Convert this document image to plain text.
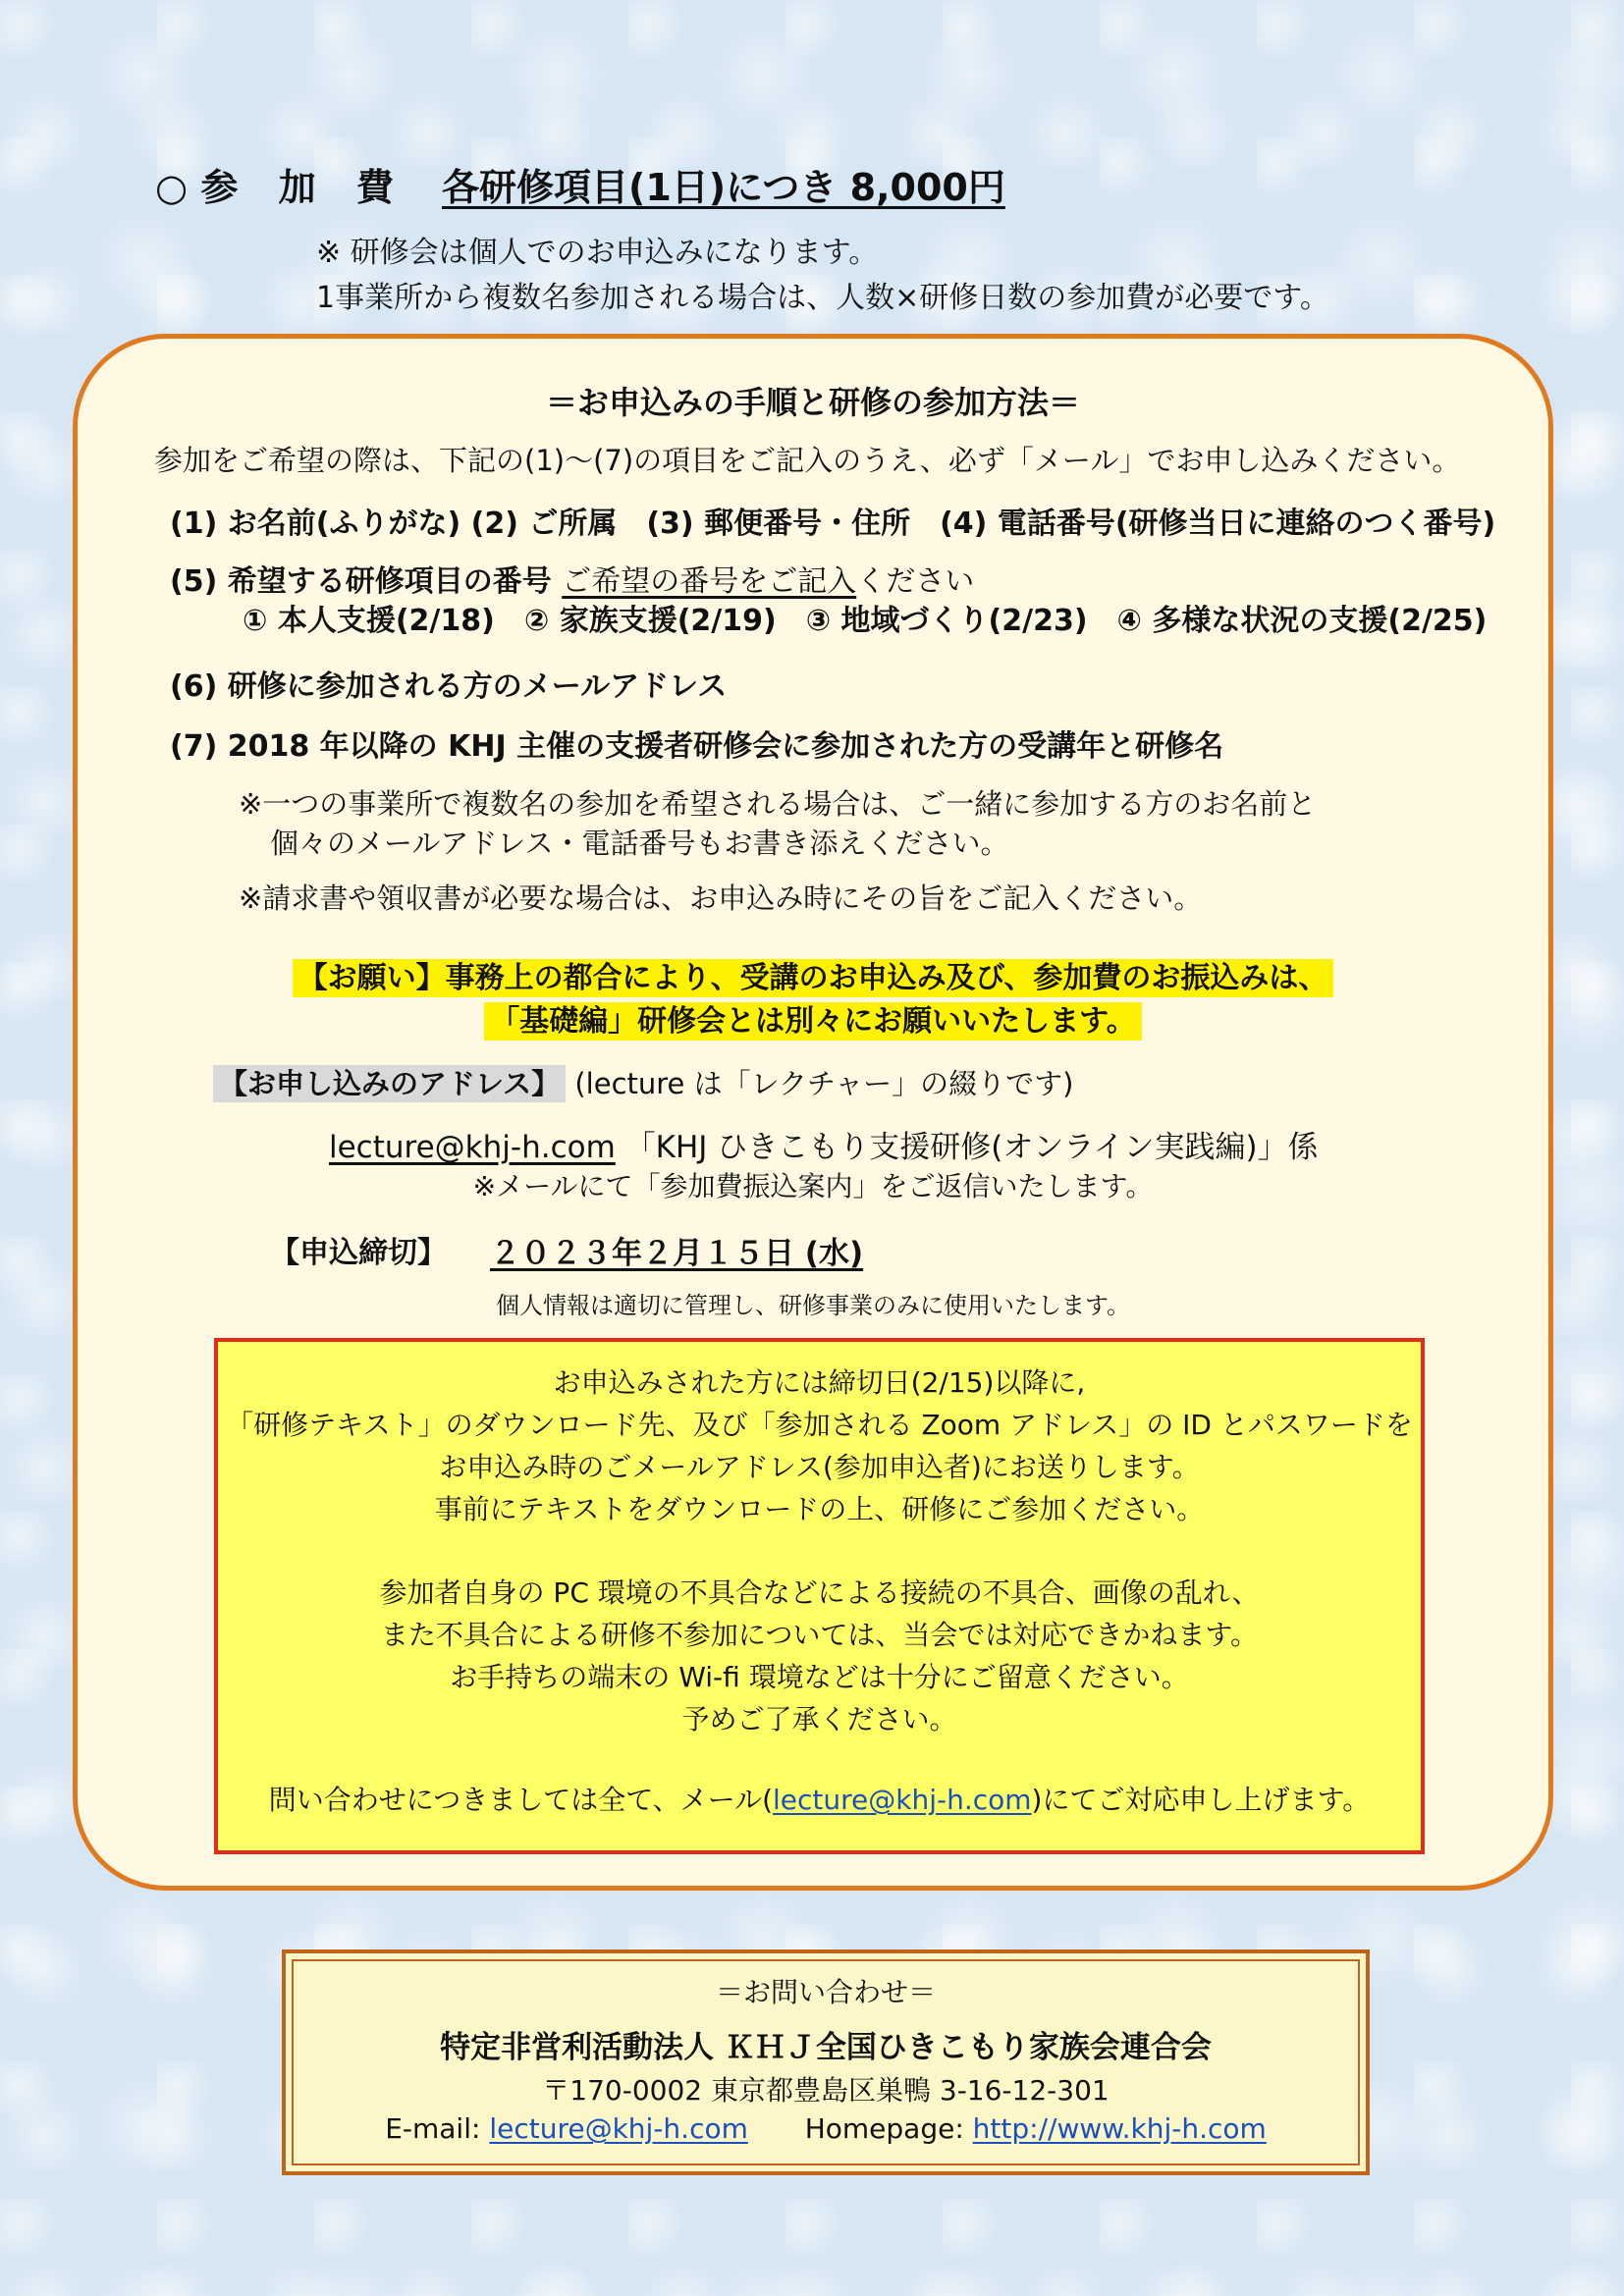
○ 参 加 費 各研修項目(1日)につき 8,000円
※ 研修会は個人でのお申込みになります。
1事業所から複数名参加される場合は、人数×研修日数の参加費が必要です。
＝お申込みの手順と研修の参加方法＝
参加をご希望の際は、下記の(1)～(7)の項目をご記入のうえ、必ず「メール」でお申し込みください。
(1) お名前(ふりがな) (2) ご所属　(3) 郵便番号・住所　(4) 電話番号(研修当日に連絡のつく番号)
(5) 希望する研修項目の番号 ご希望の番号をご記入ください
① 本人支援(2/18)　② 家族支援(2/19)　③ 地域づくり(2/23)　④ 多様な状況の支援(2/25)
(6) 研修に参加される方のメールアドレス
(7) 2018 年以降の KHJ 主催の支援者研修会に参加された方の受講年と研修名
※一つの事業所で複数名の参加を希望される場合は、ご一緒に参加する方のお名前と
個々のメールアドレス・電話番号もお書き添えください。
※請求書や領収書が必要な場合は、お申込み時にその旨をご記入ください。
【お願い】事務上の都合により、受講のお申込み及び、参加費のお振込みは、
「基礎編」研修会とは別々にお願いいたします。
【お申し込みのアドレス】 (lecture は「レクチャー」の綴りです)
lecture@khj-h.com 「KHJ ひきこもり支援研修(オンライン実践編)」係
※メールにて「参加費振込案内」をご返信いたします。
【申込締切】 ２０２３年２月１５日 (水)
個人情報は適切に管理し、研修事業のみに使用いたします。
お申込みされた方には締切日(2/15)以降に,
「研修テキスト」のダウンロード先、及び「参加される Zoom アドレス」の ID とパスワードを
お申込み時のごメールアドレス(参加申込者)にお送りします。
事前にテキストをダウンロードの上、研修にご参加ください。
参加者自身の PC 環境の不具合などによる接続の不具合、画像の乱れ、
また不具合による研修不参加については、当会では対応できかねます。
お手持ちの端末の Wi-fi 環境などは十分にご留意ください。
予めご了承ください。
問い合わせにつきましては全て、メール(lecture@khj-h.com)にてご対応申し上げます。
＝お問い合わせ＝
特定非営利活動法人 ＫＨＪ全国ひきこもり家族会連合会
〒170-0002 東京都豊島区巣鴨 3-16-12-301
E-mail: lecture@khj-h.com Homepage: http://www.khj-h.com
